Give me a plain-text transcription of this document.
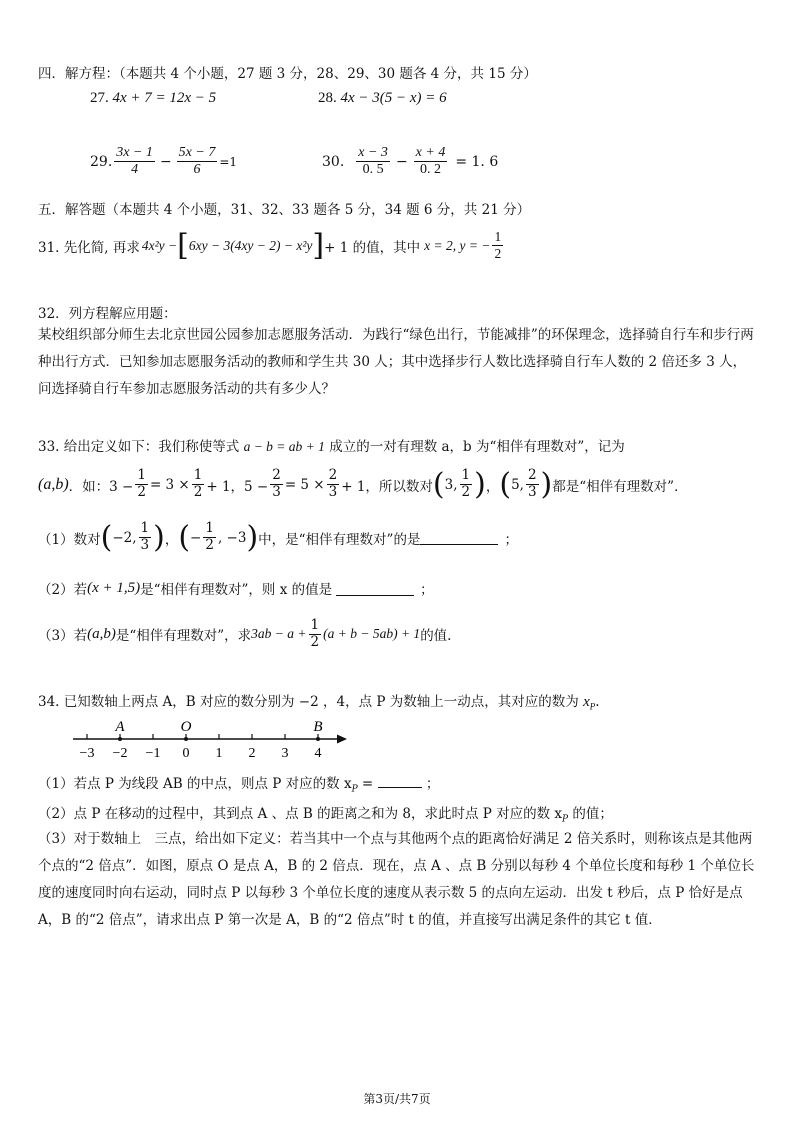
四．解方程：（本题共 4 个小题，27 题 3 分，28、29、30 题各 4 分，共 15 分）
27. 4x + 7 = 12x − 5	28. 4x − 3(5 − x) = 6
29. $\frac{3x - 1}{4} - \frac{5x - 7}{6} =1$	30. $\frac{x - 3}{0. 5} - \frac{x + 4}{0. 2} = 1$. 6
五．解答题（本题共 4 个小题，31、32、33 题各 5 分，34 题 6 分，共 21 分）
31. 先化简, 再求 4x²y − [ 6xy − 3(4xy − 2) − x²y ] + 1 的值，其中 x = 2, y = − $\frac{1}{2}$
32．列方程解应用题：
某校组织部分师生去北京世园公园参加志愿服务活动．为践行“绿色出行，节能减排”的环保理念，选择骑自行车和步行两种出行方式．已知参加志愿服务活动的教师和学生共 30 人；其中选择步行人数比选择骑自行车人数的 2 倍还多 3 人，问选择骑自行车参加志愿服务活动的共有多少人？
33. 给出定义如下：我们称使等式 a − b = ab + 1 成立的一对有理数 a，b 为“相伴有理数对”，记为
(a,b) ．如：$3 - \frac{1}{2} = 3 \times \frac{1}{2} + 1$，$5 - \frac{2}{3} = 5 \times \frac{2}{3} + 1$，所以数对 ( 3, $\frac{1}{2}$ ) ， ( 5, $\frac{2}{3}$ ) 都是“相伴有理数对”．
（1）数对 ( −2, $\frac{1}{3}$ ) ， ( − $\frac{1}{2}$ , −3 ) 中，是“相伴有理数对”的是	；
（2）若 (x + 1,5) 是“相伴有理数对”，则 x 的值是	；
（3）若 (a,b) 是“相伴有理数对”，求 $3ab - a + \frac{1}{2} (a + b - 5ab) + 1$ 的值.
34. 已知数轴上两点 A，B 对应的数分别为 −2 ，4，点 P 为数轴上一动点，其对应的数为 $x_P$.
−3 −2 −1 0 1 2 3 4
A	O	B
（1）若点 P 为线段 AB 的中点，则点 P 对应的数 $x_P$ =	；
（2）点 P 在移动的过程中，其到点 A 、点 B 的距离之和为 8，求此时点 P 对应的数 $x_P$ 的值；
（3）对于数轴上　三点，给出如下定义：若当其中一个点与其他两个点的距离恰好满足 2 倍关系时，则称该点是其他两个点的“2 倍点”．如图，原点 O 是点 A，B 的 2 倍点．现在，点 A 、点 B 分别以每秒 4 个单位长度和每秒 1 个单位长度的速度同时向右运动，同时点 P 以每秒 3 个单位长度的速度从表示数 5 的点向左运动．出发 t 秒后，点 P 恰好是点 A，B 的“2 倍点”，请求出点 P 第一次是 A，B 的“2 倍点”时 t 的值，并直接写出满足条件的其它 t 值．
第3页/共7页
